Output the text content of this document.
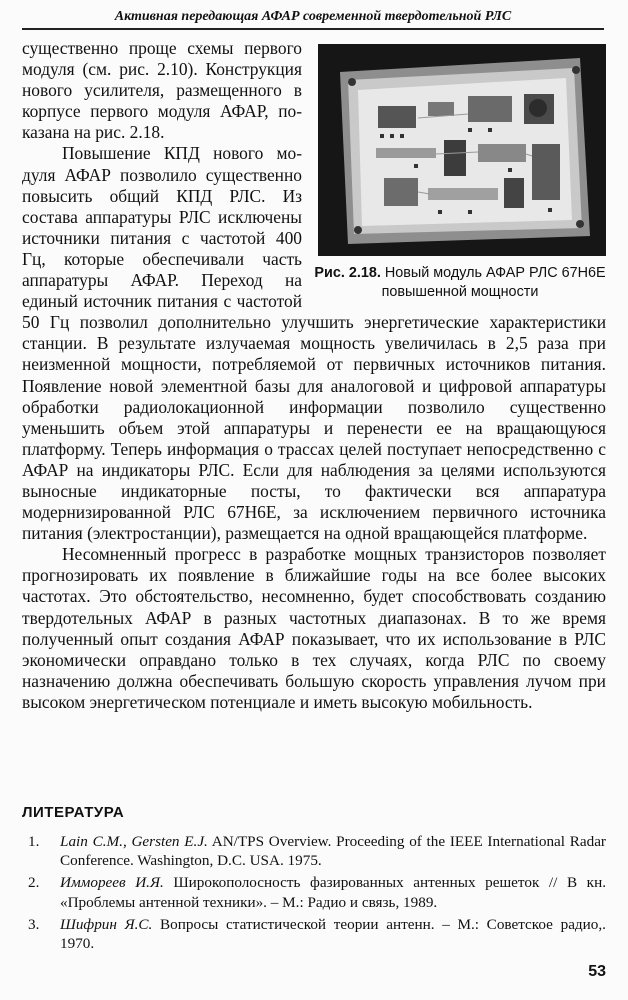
Активная передающая АФАР современной твердотельной РЛС
Рис. 2.18. Новый модуль АФАР РЛС 67Н6Е повышенной мощности

существенно проще схемы первого модуля (см. рис. 2.10). Конструкция нового усилителя, размещенного в корпусе первого модуля АФАР, показана на рис. 2.18.

Повышение КПД нового модуля АФАР позволило существенно повысить общий КПД РЛС. Из состава аппаратуры РЛС исключены источники питания с частотой 400 Гц, которые обеспечивали часть аппаратуры АФАР. Переход на единый источник питания с частотой 50 Гц позволил дополнительно улучшить энергетические характеристики станции. В результате излучаемая мощность увеличилась в 2,5 раза при неизменной мощности, потребляемой от первичных источников питания. Появление новой элементной базы для аналоговой и цифровой аппаратуры обработки радиолокационной информации позволило существенно уменьшить объем этой аппаратуры и перенести ее на вращающуюся платформу. Теперь информация о трассах целей поступает непосредственно с АФАР на индикаторы РЛС. Если для наблюдения за целями используются выносные индикаторные посты, то фактически вся аппаратура модернизированной РЛС 67Н6Е, за исключением первичного источника питания (электростанции), размещается на одной вращающейся платформе.

Несомненный прогресс в разработке мощных транзисторов позволяет прогнозировать их появление в ближайшие годы на все более высоких частотах. Это обстоятельство, несомненно, будет способствовать созданию твердотельных АФАР в разных частотных диапазонах. В то же время полученный опыт создания АФАР показывает, что их использование в РЛС экономически оправдано только в тех случаях, когда РЛС по своему назначению должна обеспечивать большую скорость управления лучом при высоком энергетическом потенциале и иметь высокую мобильность.

ЛИТЕРАТУРА
1. Lain C.M., Gersten E.J. AN/TPS Overview. Proceeding of the IEEE International Radar Conference. Washington, D.C. USA. 1975.
2. Иммореев И.Я. Широкополосность фазированных антенных решеток // В кн. «Проблемы антенной техники». – М.: Радио и связь, 1989.
3. Шифрин Я.С. Вопросы статистической теории антенн. – М.: Советское радио,. 1970.
53
